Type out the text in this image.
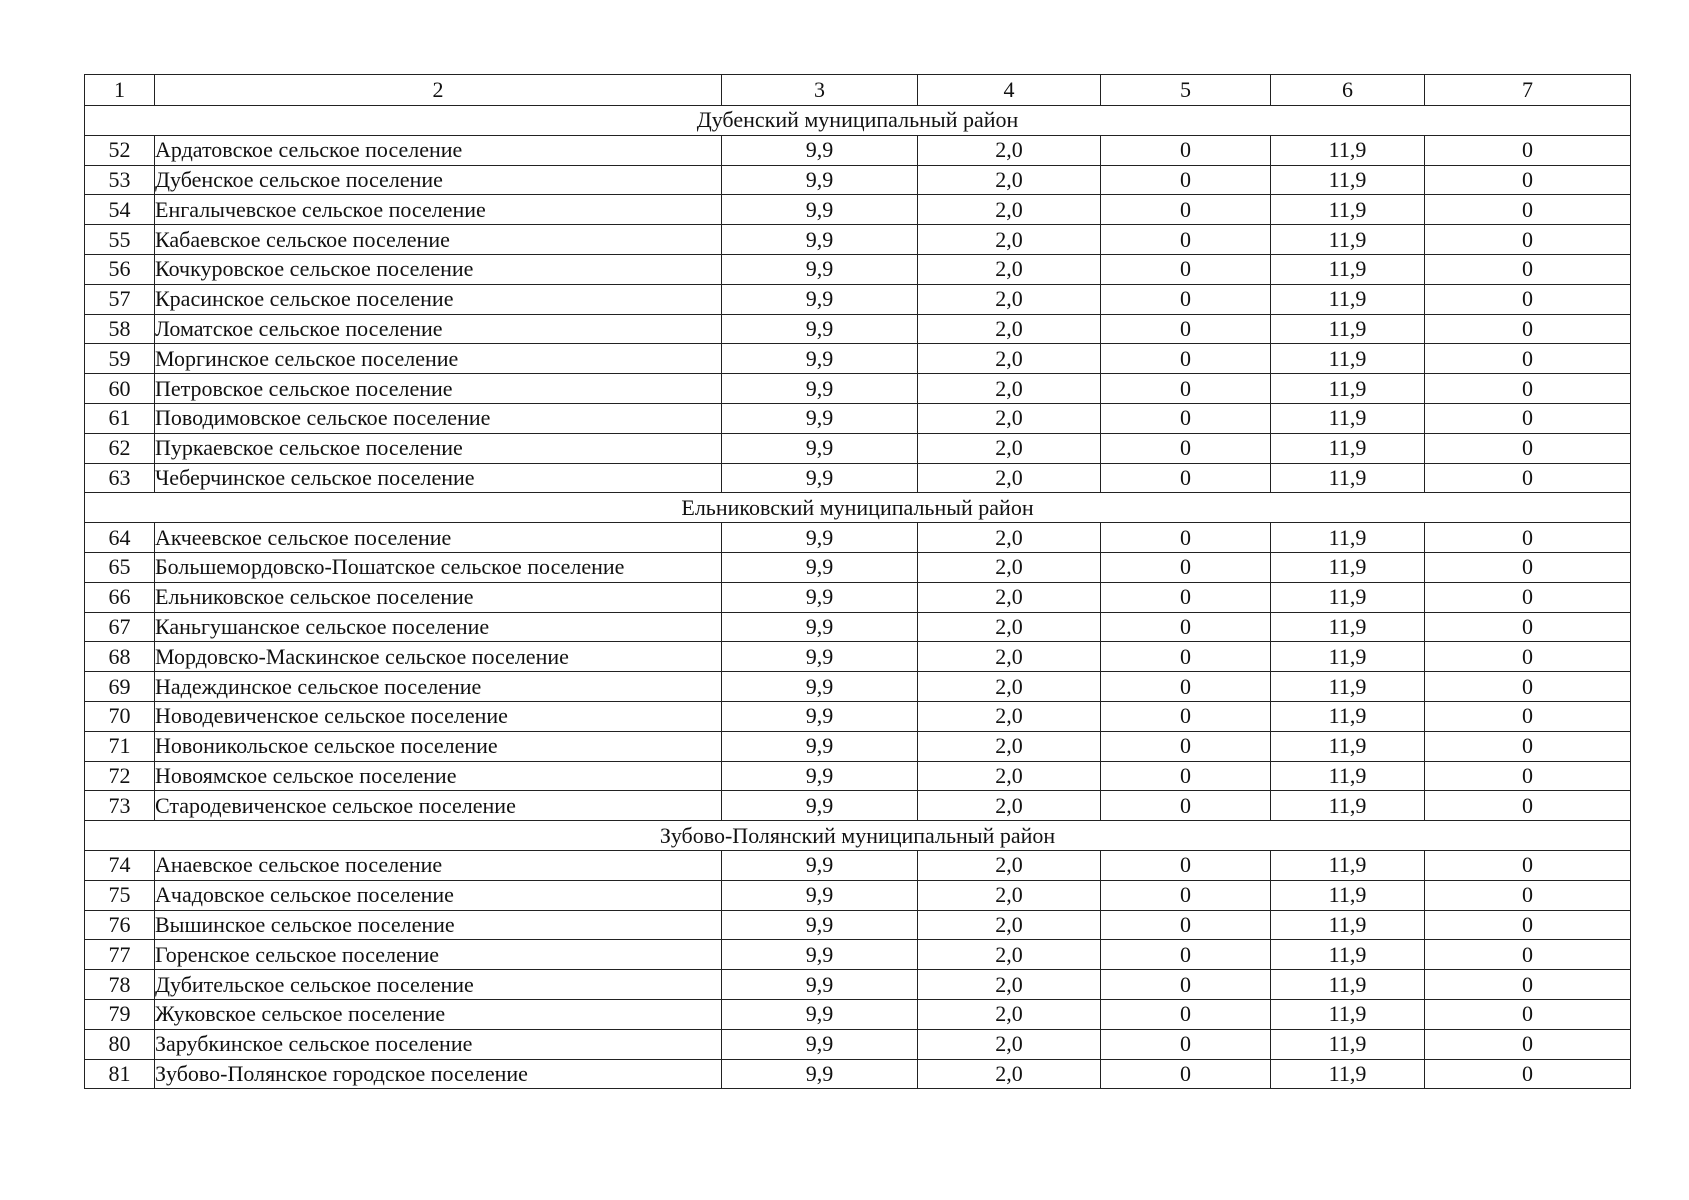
1	2	3	4	5	6	7
Дубенский муниципальный район						
52	Ардатовское сельское поселение	9,9	2,0	0	11,9	0
53	Дубенское сельское поселение	9,9	2,0	0	11,9	0
54	Енгалычевское сельское поселение	9,9	2,0	0	11,9	0
55	Кабаевское сельское поселение	9,9	2,0	0	11,9	0
56	Кочкуровское сельское поселение	9,9	2,0	0	11,9	0
57	Красинское сельское поселение	9,9	2,0	0	11,9	0
58	Ломатское сельское поселение	9,9	2,0	0	11,9	0
59	Моргинское сельское поселение	9,9	2,0	0	11,9	0
60	Петровское сельское поселение	9,9	2,0	0	11,9	0
61	Поводимовское сельское поселение	9,9	2,0	0	11,9	0
62	Пуркаевское сельское поселение	9,9	2,0	0	11,9	0
63	Чеберчинское сельское поселение	9,9	2,0	0	11,9	0
Ельниковский муниципальный район						
64	Акчеевское сельское поселение	9,9	2,0	0	11,9	0
65	Большемордовско-Пошатское сельское поселение	9,9	2,0	0	11,9	0
66	Ельниковское сельское поселение	9,9	2,0	0	11,9	0
67	Каньгушанское сельское поселение	9,9	2,0	0	11,9	0
68	Мордовско-Маскинское сельское поселение	9,9	2,0	0	11,9	0
69	Надеждинское сельское поселение	9,9	2,0	0	11,9	0
70	Новодевиченское сельское поселение	9,9	2,0	0	11,9	0
71	Новоникольское сельское поселение	9,9	2,0	0	11,9	0
72	Новоямское сельское поселение	9,9	2,0	0	11,9	0
73	Стародевиченское сельское поселение	9,9	2,0	0	11,9	0
Зубово-Полянский муниципальный район						
74	Анаевское сельское поселение	9,9	2,0	0	11,9	0
75	Ачадовское сельское поселение	9,9	2,0	0	11,9	0
76	Вышинское сельское поселение	9,9	2,0	0	11,9	0
77	Горенское сельское поселение	9,9	2,0	0	11,9	0
78	Дубительское сельское поселение	9,9	2,0	0	11,9	0
79	Жуковское сельское поселение	9,9	2,0	0	11,9	0
80	Зарубкинское сельское поселение	9,9	2,0	0	11,9	0
81	Зубово-Полянское городское поселение	9,9	2,0	0	11,9	0
